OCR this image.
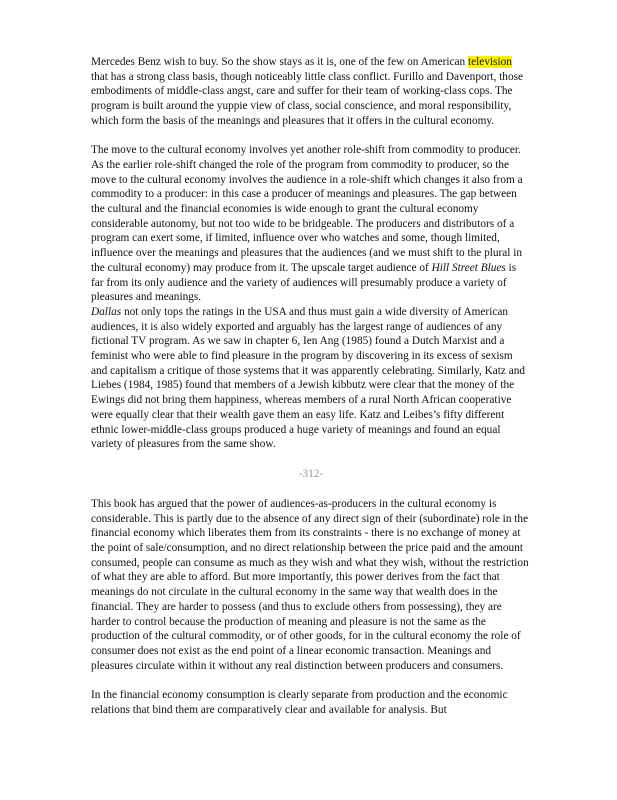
Mercedes Benz wish to buy. So the show stays as it is, one of the few on American television that has a strong class basis, though noticeably little class conflict. Furillo and Davenport, those embodiments of middle-class angst, care and suffer for their team of working-class cops. The program is built around the yuppie view of class, social conscience, and moral responsibility, which form the basis of the meanings and pleasures that it offers in the cultural economy.

The move to the cultural economy involves yet another role-shift from commodity to producer. As the earlier role-shift changed the role of the program from commodity to producer, so the move to the cultural economy involves the audience in a role-shift which changes it also from a commodity to a producer: in this case a producer of meanings and pleasures. The gap between the cultural and the financial economies is wide enough to grant the cultural economy considerable autonomy, but not too wide to be bridgeable. The producers and distributors of a program can exert some, if limited, influence over who watches and some, though limited, influence over the meanings and pleasures that the audiences (and we must shift to the plural in the cultural economy) may produce from it. The upscale target audience of Hill Street Blues is far from its only audience and the variety of audiences will presumably produce a variety of pleasures and meanings.
Dallas not only tops the ratings in the USA and thus must gain a wide diversity of American audiences, it is also widely exported and arguably has the largest range of audiences of any fictional TV program. As we saw in chapter 6, Ien Ang (1985) found a Dutch Marxist and a feminist who were able to find pleasure in the program by discovering in its excess of sexism and capitalism a critique of those systems that it was apparently celebrating. Similarly, Katz and Liebes (1984, 1985) found that members of a Jewish kibbutz were clear that the money of the Ewings did not bring them happiness, whereas members of a rural North African cooperative were equally clear that their wealth gave them an easy life. Katz and Leibes’s fifty different ethnic lower-middle-class groups produced a huge variety of meanings and found an equal variety of pleasures from the same show.

-312-

This book has argued that the power of audiences-as-producers in the cultural economy is considerable. This is partly due to the absence of any direct sign of their (subordinate) role in the financial economy which liberates them from its constraints - there is no exchange of money at the point of sale/consumption, and no direct relationship between the price paid and the amount consumed, people can consume as much as they wish and what they wish, without the restriction of what they are able to afford. But more importantly, this power derives from the fact that meanings do not circulate in the cultural economy in the same way that wealth does in the financial. They are harder to possess (and thus to exclude others from possessing), they are harder to control because the production of meaning and pleasure is not the same as the production of the cultural commodity, or of other goods, for in the cultural economy the role of consumer does not exist as the end point of a linear economic transaction. Meanings and pleasures circulate within it without any real distinction between producers and consumers.

In the financial economy consumption is clearly separate from production and the economic relations that bind them are comparatively clear and available for analysis. But
